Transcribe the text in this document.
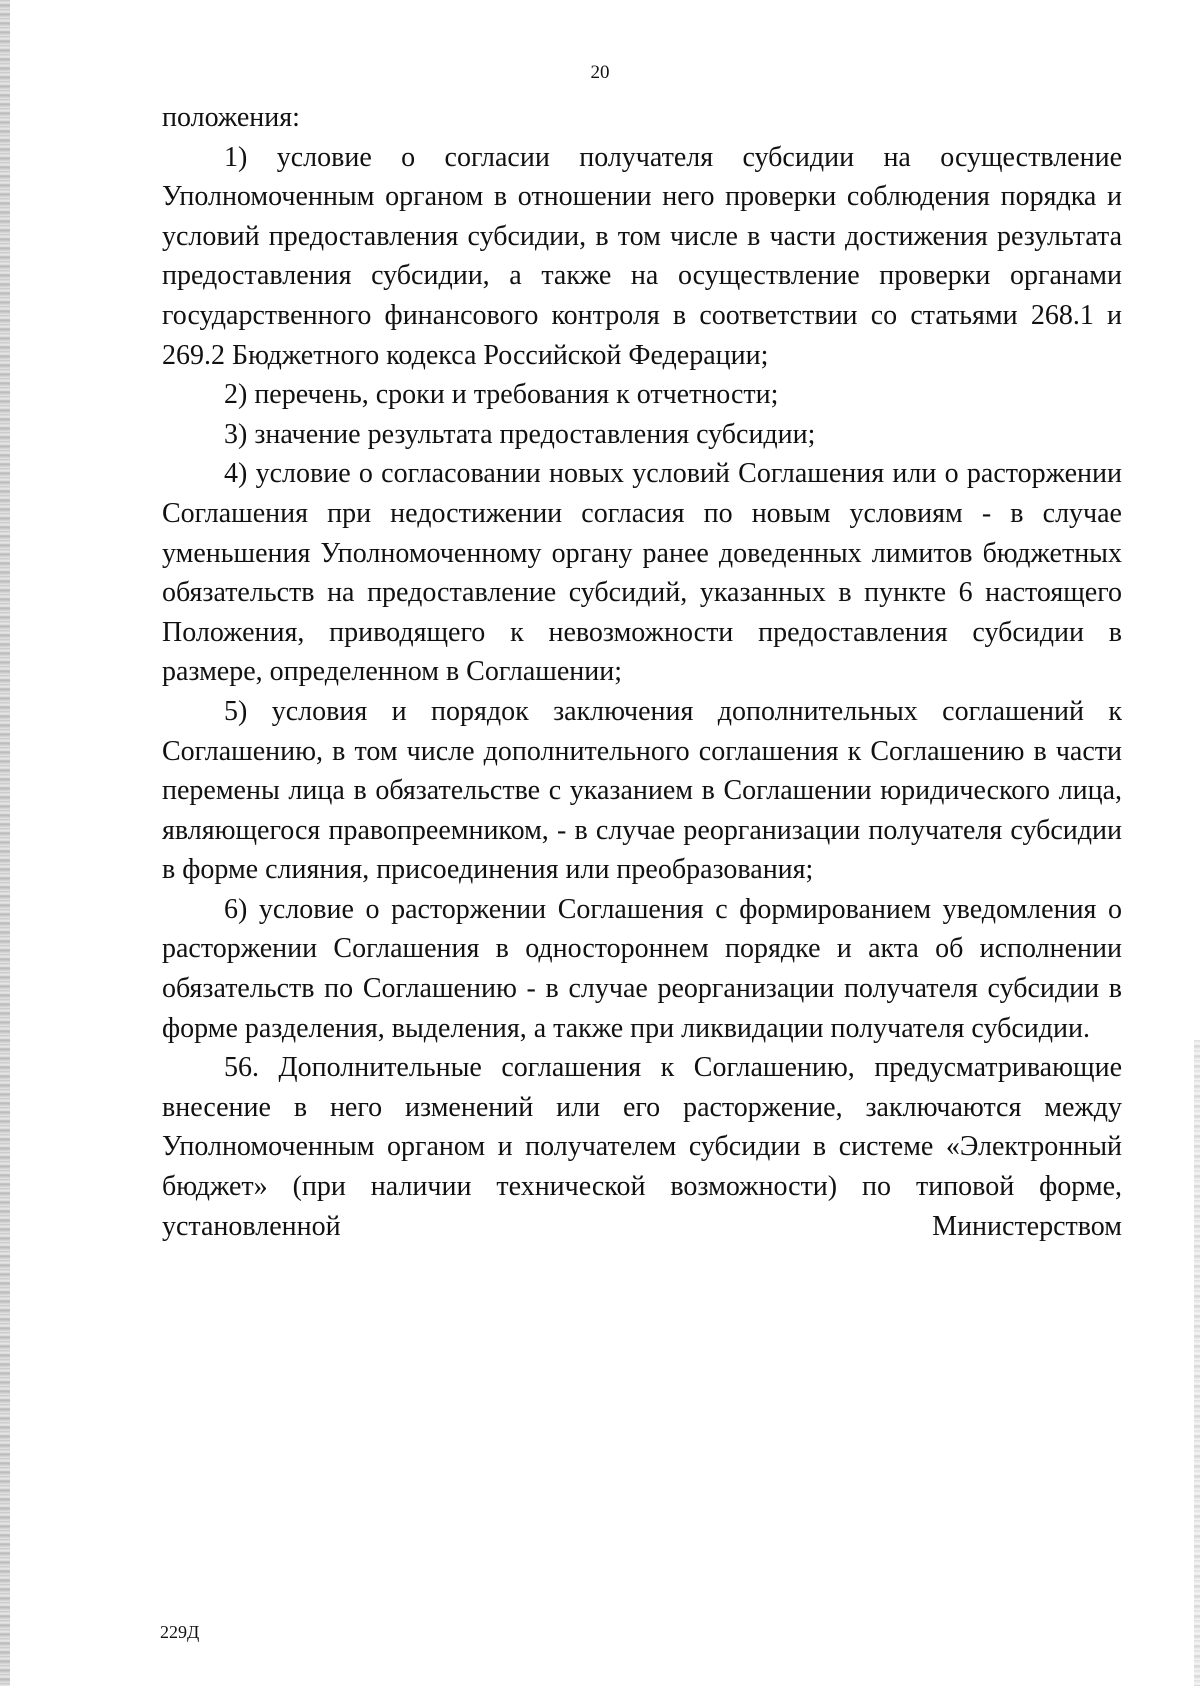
20

положения:

1) условие о согласии получателя субсидии на осуществление Уполномоченным органом в отношении него проверки соблюдения порядка и условий предоставления субсидии, в том числе в части достижения результата предоставления субсидии, а также на осуществление проверки органами государственного финансового контроля в соответствии со статьями 268.1 и 269.2 Бюджетного кодекса Российской Федерации;

2) перечень, сроки и требования к отчетности;

3) значение результата предоставления субсидии;

4) условие о согласовании новых условий Соглашения или о расторжении Соглашения при недостижении согласия по новым условиям - в случае уменьшения Уполномоченному органу ранее доведенных лимитов бюджетных обязательств на предоставление субсидий, указанных в пункте 6 настоящего Положения, приводящего к невозможности предоставления субсидии в размере, определенном в Соглашении;

5) условия и порядок заключения дополнительных соглашений к Соглашению, в том числе дополнительного соглашения к Соглашению в части перемены лица в обязательстве с указанием в Соглашении юридического лица, являющегося правопреемником, - в случае реорганизации получателя субсидии в форме слияния, присоединения или преобразования;

6) условие о расторжении Соглашения с формированием уведомления о расторжении Соглашения в одностороннем порядке и акта об исполнении обязательств по Соглашению - в случае реорганизации получателя субсидии в форме разделения, выделения, а также при ликвидации получателя субсидии.

56. Дополнительные соглашения к Соглашению, предусматривающие внесение в него изменений или его расторжение, заключаются между Уполномоченным органом и получателем субсидии в системе «Электронный бюджет» (при наличии технической возможности) по типовой форме, установленной Министерством

229Д
